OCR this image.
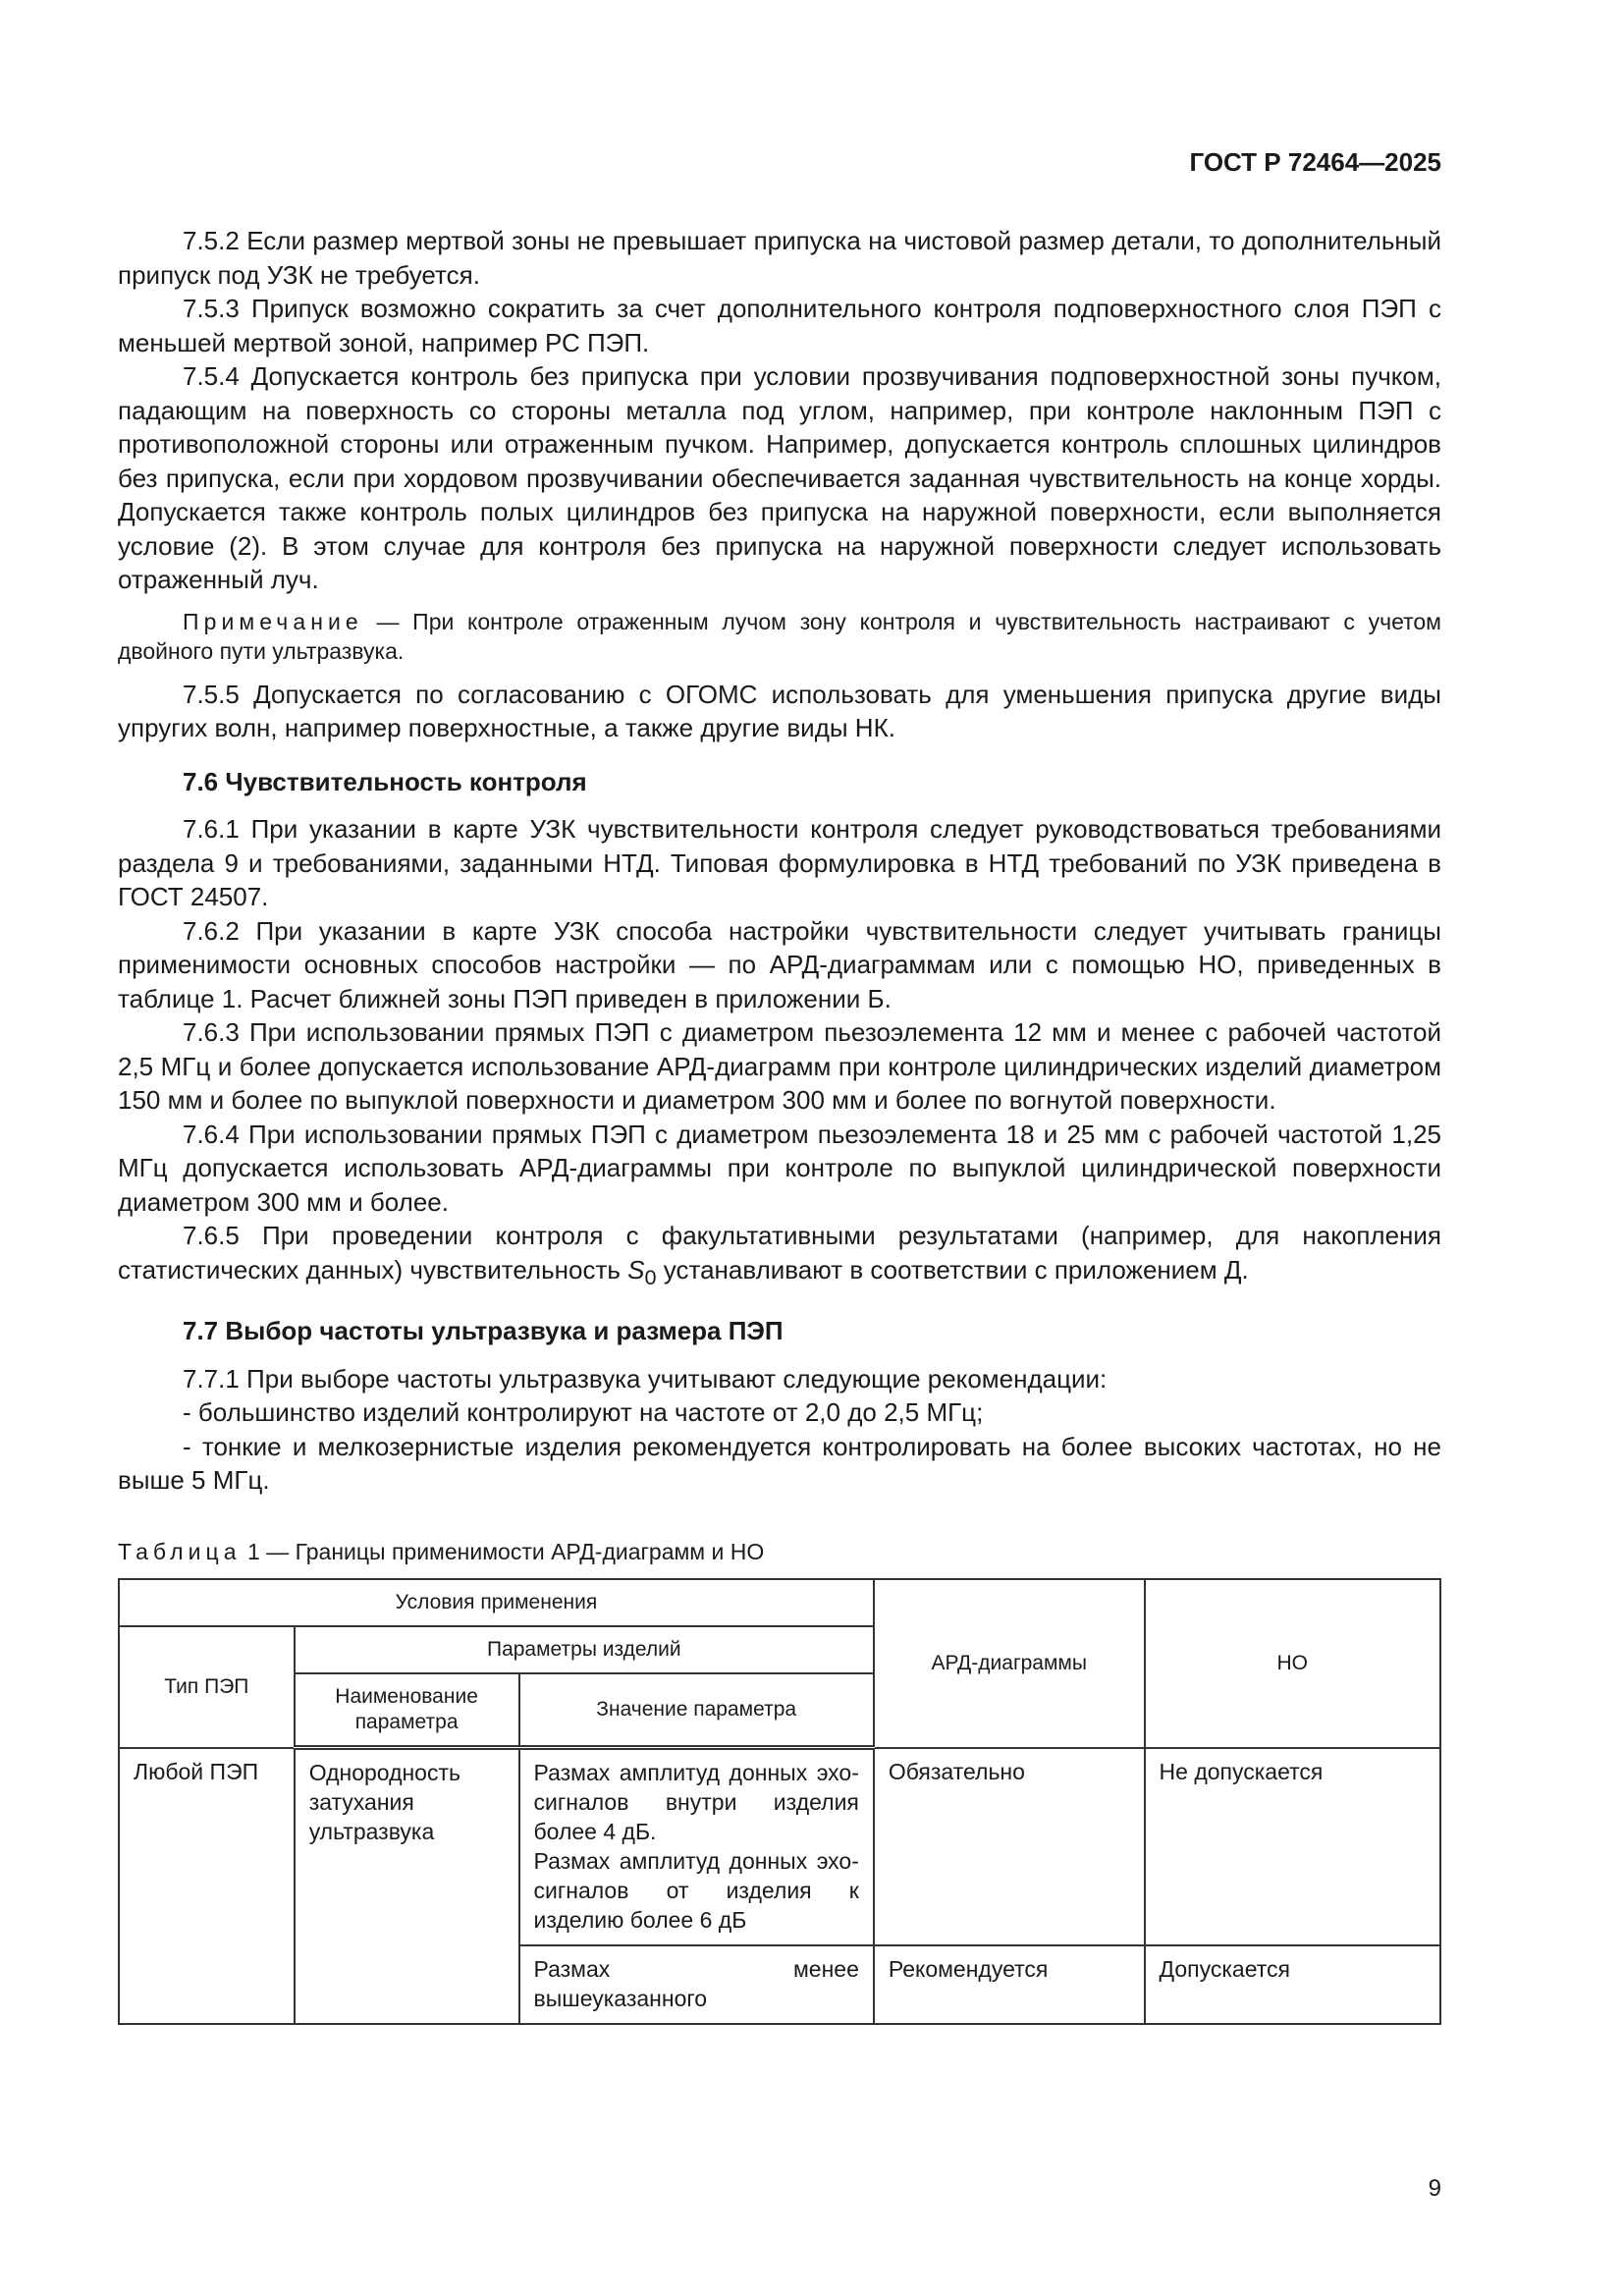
ГОСТ Р 72464—2025

7.5.2 Если размер мертвой зоны не превышает припуска на чистовой размер детали, то дополнительный припуск под УЗК не требуется.

7.5.3 Припуск возможно сократить за счет дополнительного контроля подповерхностного слоя ПЭП с меньшей мертвой зоной, например РС ПЭП.

7.5.4 Допускается контроль без припуска при условии прозвучивания подповерхностной зоны пучком, падающим на поверхность со стороны металла под углом, например, при контроле наклонным ПЭП с противоположной стороны или отраженным пучком. Например, допускается контроль сплошных цилиндров без припуска, если при хордовом прозвучивании обеспечивается заданная чувствительность на конце хорды. Допускается также контроль полых цилиндров без припуска на наружной поверхности, если выполняется условие (2). В этом случае для контроля без припуска на наружной поверхности следует использовать отраженный луч.

Примечание — При контроле отраженным лучом зону контроля и чувствительность настраивают с учетом двойного пути ультразвука.

7.5.5 Допускается по согласованию с ОГОМС использовать для уменьшения припуска другие виды упругих волн, например поверхностные, а также другие виды НК.

7.6 Чувствительность контроля

7.6.1 При указании в карте УЗК чувствительности контроля следует руководствоваться требованиями раздела 9 и требованиями, заданными НТД. Типовая формулировка в НТД требований по УЗК приведена в ГОСТ 24507.

7.6.2 При указании в карте УЗК способа настройки чувствительности следует учитывать границы применимости основных способов настройки — по АРД-диаграммам или с помощью НО, приведенных в таблице 1. Расчет ближней зоны ПЭП приведен в приложении Б.

7.6.3 При использовании прямых ПЭП с диаметром пьезоэлемента 12 мм и менее с рабочей частотой 2,5 МГц и более допускается использование АРД-диаграмм при контроле цилиндрических изделий диаметром 150 мм и более по выпуклой поверхности и диаметром 300 мм и более по вогнутой поверхности.

7.6.4 При использовании прямых ПЭП с диаметром пьезоэлемента 18 и 25 мм с рабочей частотой 1,25 МГц допускается использовать АРД-диаграммы при контроле по выпуклой цилиндрической поверхности диаметром 300 мм и более.

7.6.5 При проведении контроля с факультативными результатами (например, для накопления статистических данных) чувствительность $S_0$ устанавливают в соответствии с приложением Д.

7.7 Выбор частоты ультразвука и размера ПЭП

7.7.1 При выборе частоты ультразвука учитывают следующие рекомендации:

- большинство изделий контролируют на частоте от 2,0 до 2,5 МГц;

- тонкие и мелкозернистые изделия рекомендуется контролировать на более высоких частотах, но не выше 5 МГц.

Таблица 1 — Границы применимости АРД-диаграмм и НО
Условия применения			АРД-диаграммы	НО
Тип ПЭП	Параметры изделий			
	Наименование параметра	Значение параметра		
Любой ПЭП	Однородность затухания ультразвука	Размах амплитуд донных эхо-сигналов внутри изделия более 4 дБ.
Размах амплитуд донных эхо-сигналов от изделия к изделию более 6 дБ	Обязательно	Не допускается
		Размах менее вышеуказанного	Рекомендуется	Допускается
9
